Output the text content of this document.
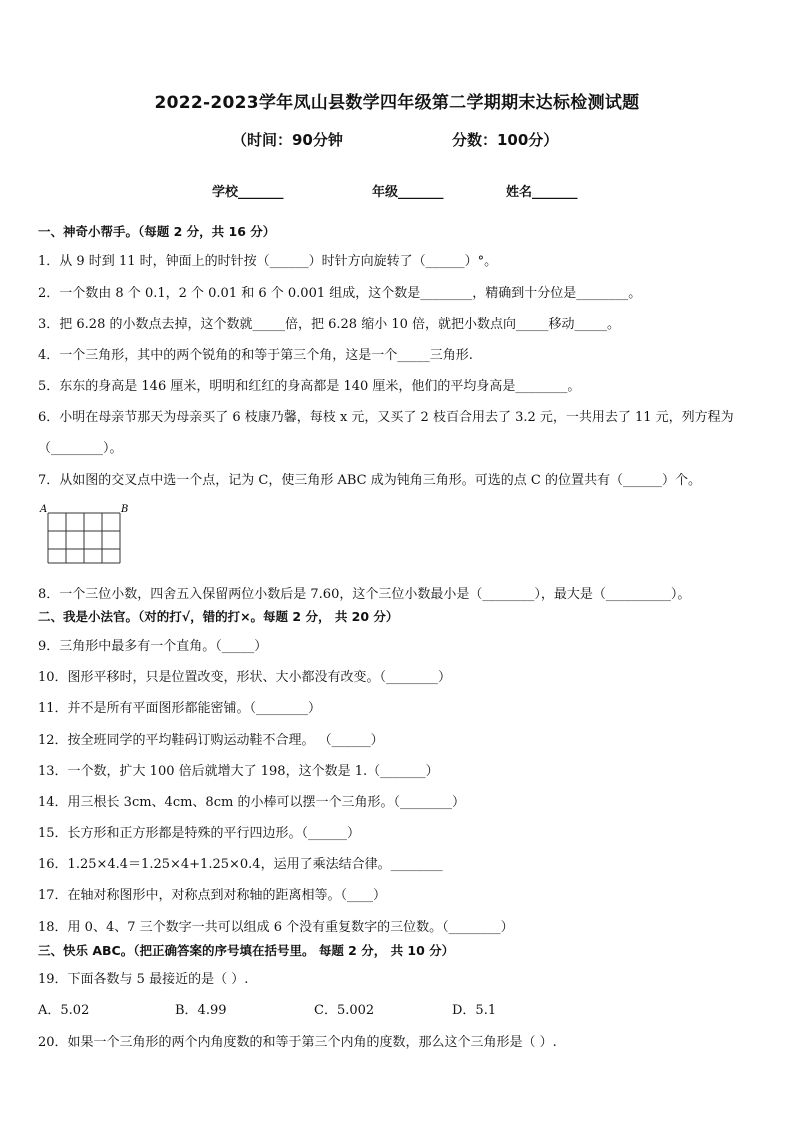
2022-2023学年凤山县数学四年级第二学期期末达标检测试题
（时间：90分钟	分数：100分）
学校_______	年级_______	姓名_______
一、神奇小帮手。（每题 2 分，共 16 分）
1．从 9 时到 11 时，钟面上的时针按（______）时针方向旋转了（______）°。
2．一个数由 8 个 0.1，2 个 0.01 和 6 个 0.001 组成，这个数是________，精确到十分位是________。
3．把 6.28 的小数点去掉，这个数就_____倍，把 6.28 缩小 10 倍，就把小数点向_____移动_____。
4．一个三角形，其中的两个锐角的和等于第三个角，这是一个_____三角形.
5．东东的身高是 146 厘米，明明和红红的身高都是 140 厘米，他们的平均身高是________。
6．小明在母亲节那天为母亲买了 6 枝康乃馨，每枝 x 元，又买了 2 枝百合用去了 3.2 元，一共用去了 11 元，列方程为
（________）。
7．从如图的交叉点中选一个点，记为 C，使三角形 ABC 成为钝角三角形。可选的点 C 的位置共有（______）个。
A	B
8．一个三位小数，四舍五入保留两位小数后是 7.60，这个三位小数最小是（________），最大是（__________）。
二、我是小法官。（对的打√，错的打×。每题 2 分， 共 20 分）
9．三角形中最多有一个直角。（_____）
10．图形平移时，只是位置改变，形状、大小都没有改变。（________）
11．并不是所有平面图形都能密铺。（________）
12．按全班同学的平均鞋码订购运动鞋不合理。 （______）
13．一个数，扩大 100 倍后就增大了 198，这个数是 1.（_______）
14．用三根长 3cm、4cm、8cm 的小棒可以摆一个三角形。（________）
15．长方形和正方形都是特殊的平行四边形。（______）
16．1.25×4.4＝1.25×4+1.25×0.4，运用了乘法结合律。________
17．在轴对称图形中，对称点到对称轴的距离相等。（____）
18．用 0、4、7 三个数字一共可以组成 6 个没有重复数字的三位数。（________）
三、快乐 ABC。（把正确答案的序号填在括号里。 每题 2 分， 共 10 分）
19．下面各数与 5 最接近的是（ ）.
A．5.02	B．4.99	C．5.002	D．5.1
20．如果一个三角形的两个内角度数的和等于第三个内角的度数，那么这个三角形是（ ）.
